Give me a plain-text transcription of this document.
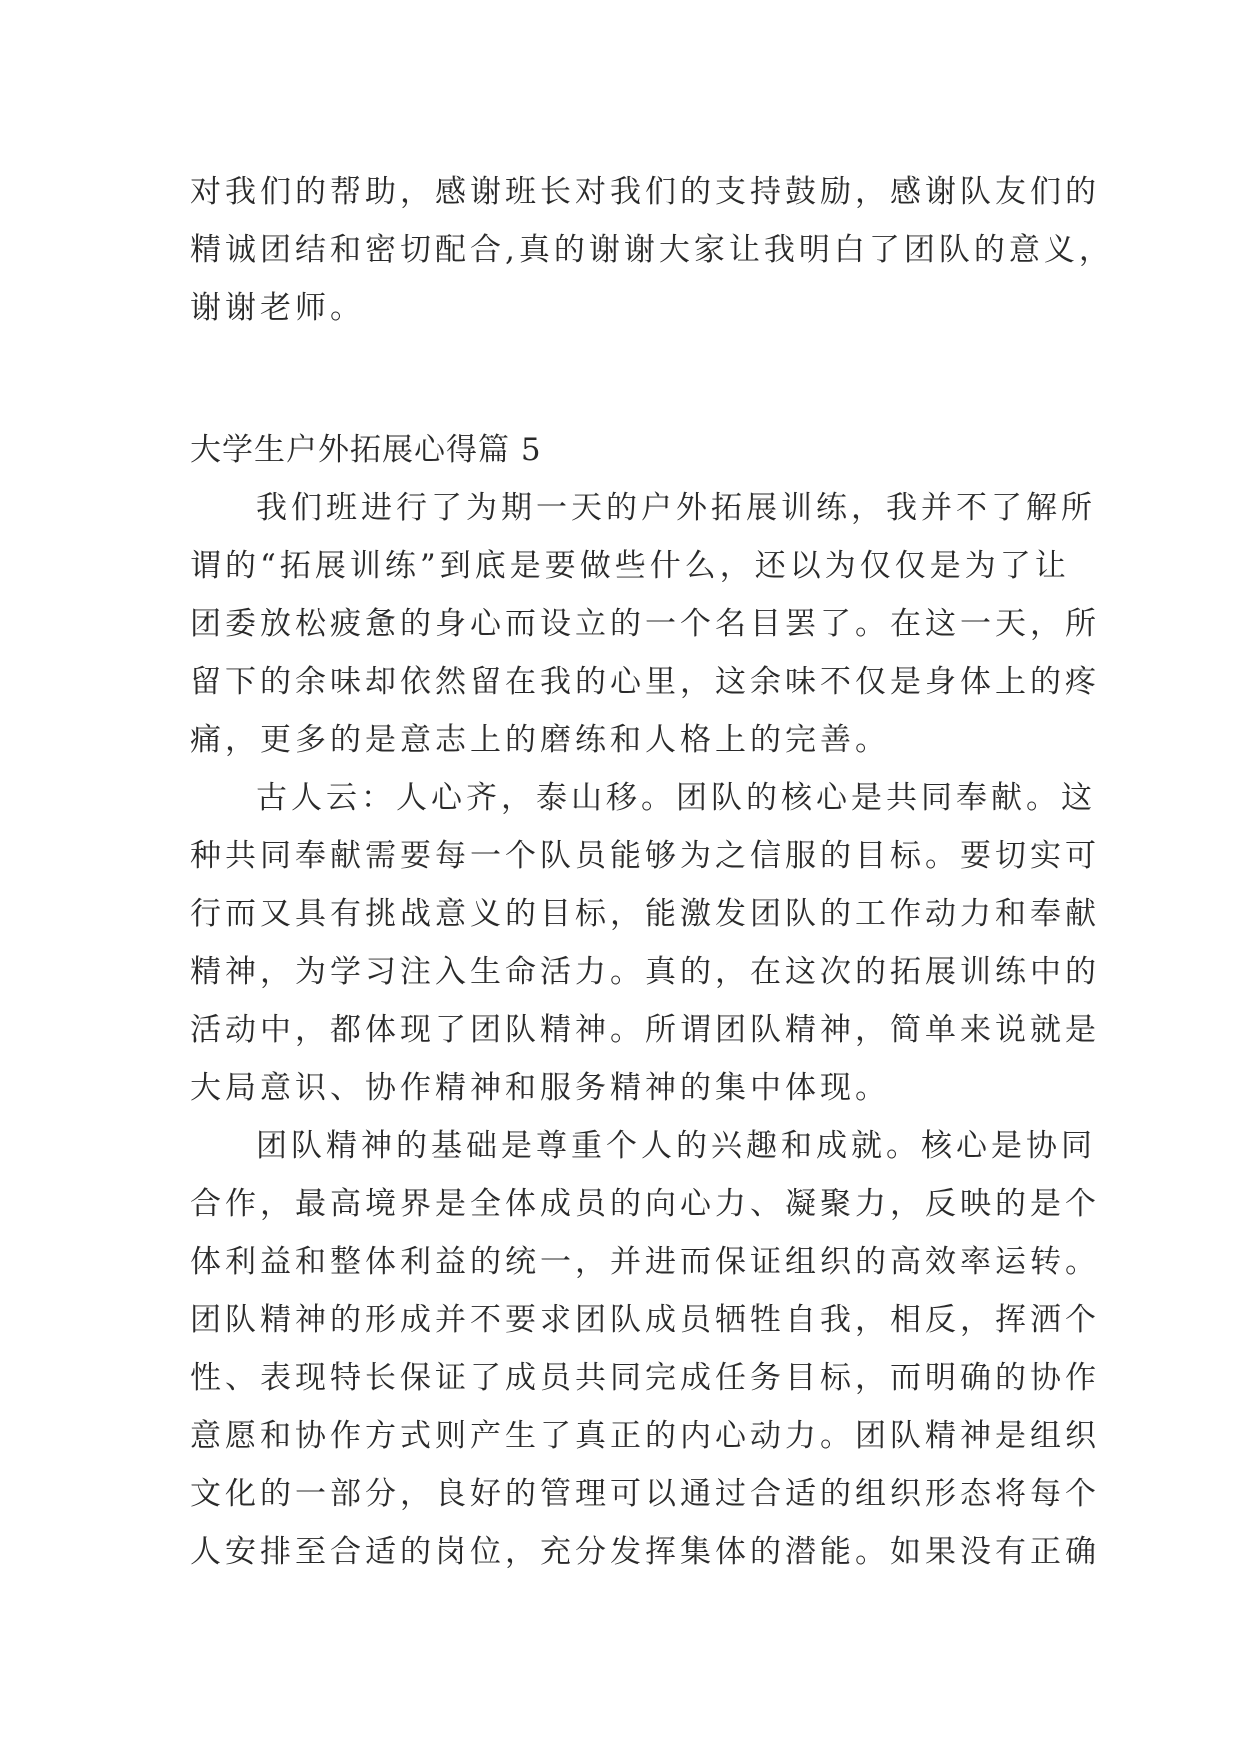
对我们的帮助，感谢班长对我们的支持鼓励，感谢队友们的
精诚团结和密切配合,真的谢谢大家让我明白了团队的意义，
谢谢老师。
大学生户外拓展心得篇 5
我们班进行了为期一天的户外拓展训练，我并不了解所
谓的“拓展训练”到底是要做些什么，还以为仅仅是为了让
团委放松疲惫的身心而设立的一个名目罢了。在这一天，所
留下的余味却依然留在我的心里，这余味不仅是身体上的疼
痛，更多的是意志上的磨练和人格上的完善。
古人云：人心齐，泰山移。团队的核心是共同奉献。这
种共同奉献需要每一个队员能够为之信服的目标。要切实可
行而又具有挑战意义的目标，能激发团队的工作动力和奉献
精神，为学习注入生命活力。真的，在这次的拓展训练中的
活动中，都体现了团队精神。所谓团队精神，简单来说就是
大局意识、协作精神和服务精神的集中体现。
团队精神的基础是尊重个人的兴趣和成就。核心是协同
合作，最高境界是全体成员的向心力、凝聚力，反映的是个
体利益和整体利益的统一，并进而保证组织的高效率运转。
团队精神的形成并不要求团队成员牺牲自我，相反，挥洒个
性、表现特长保证了成员共同完成任务目标，而明确的协作
意愿和协作方式则产生了真正的内心动力。团队精神是组织
文化的一部分，良好的管理可以通过合适的组织形态将每个
人安排至合适的岗位，充分发挥集体的潜能。如果没有正确
